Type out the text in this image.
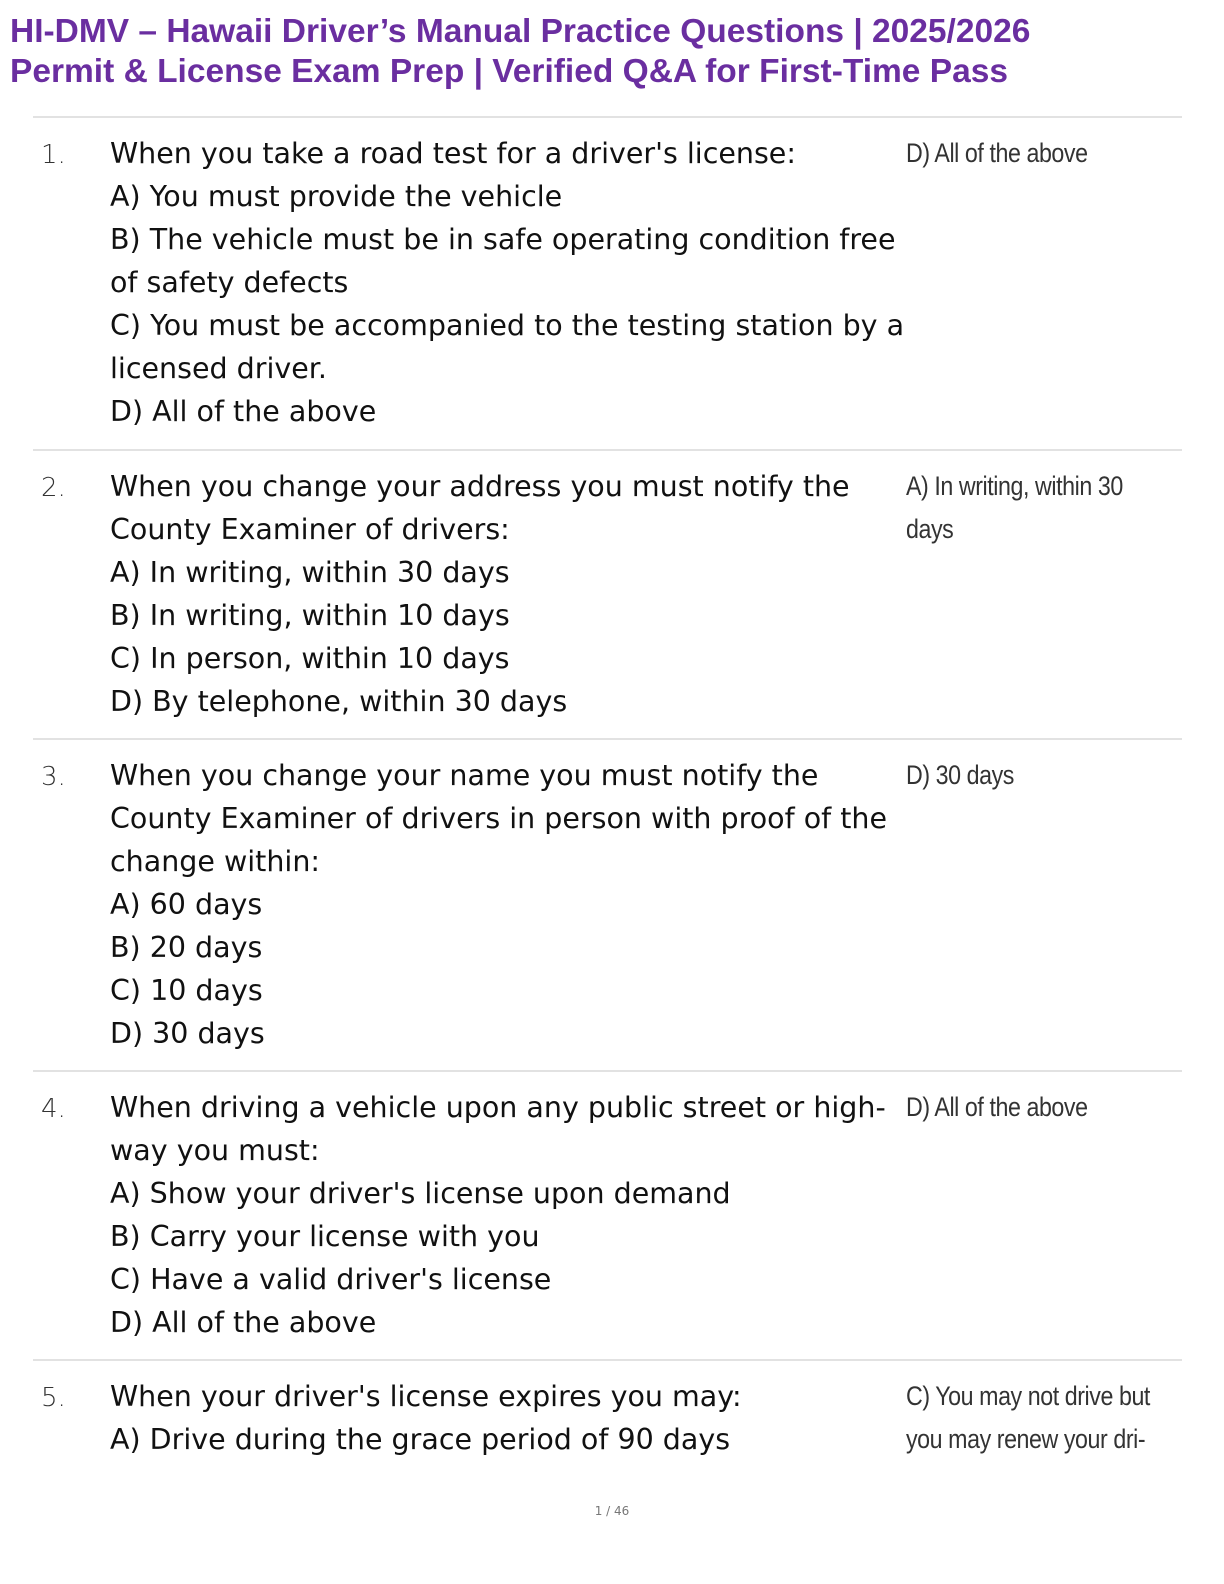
HI-DMV – Hawaii Driver’s Manual Practice Questions | 2025/2026
Permit & License Exam Prep | Verified Q&A for First-Time Pass
1. When you take a road test for a driver's license:

A) You must provide the vehicle

B) The vehicle must be in safe operating condition free of safety defects

C) You must be accompanied to the testing station by a licensed driver.

D) All of the above

D) All of the above
2. When you change your address you must notify the County Examiner of drivers:

A) In writing, within 30 days

B) In writing, within 10 days

C) In person, within 10 days

D) By telephone, within 30 days

A) In writing, within 30 days
3. When you change your name you must notify the County Examiner of drivers in person with proof of the change within:

A) 60 days

B) 20 days

C) 10 days

D) 30 days

D) 30 days
4. When driving a vehicle upon any public street or high-way you must:

A) Show your driver's license upon demand

B) Carry your license with you

C) Have a valid driver's license

D) All of the above

D) All of the above
5. When your driver's license expires you may:

A) Drive during the grace period of 90 days

C) You may not drive but you may renew your dri-
1 / 46
